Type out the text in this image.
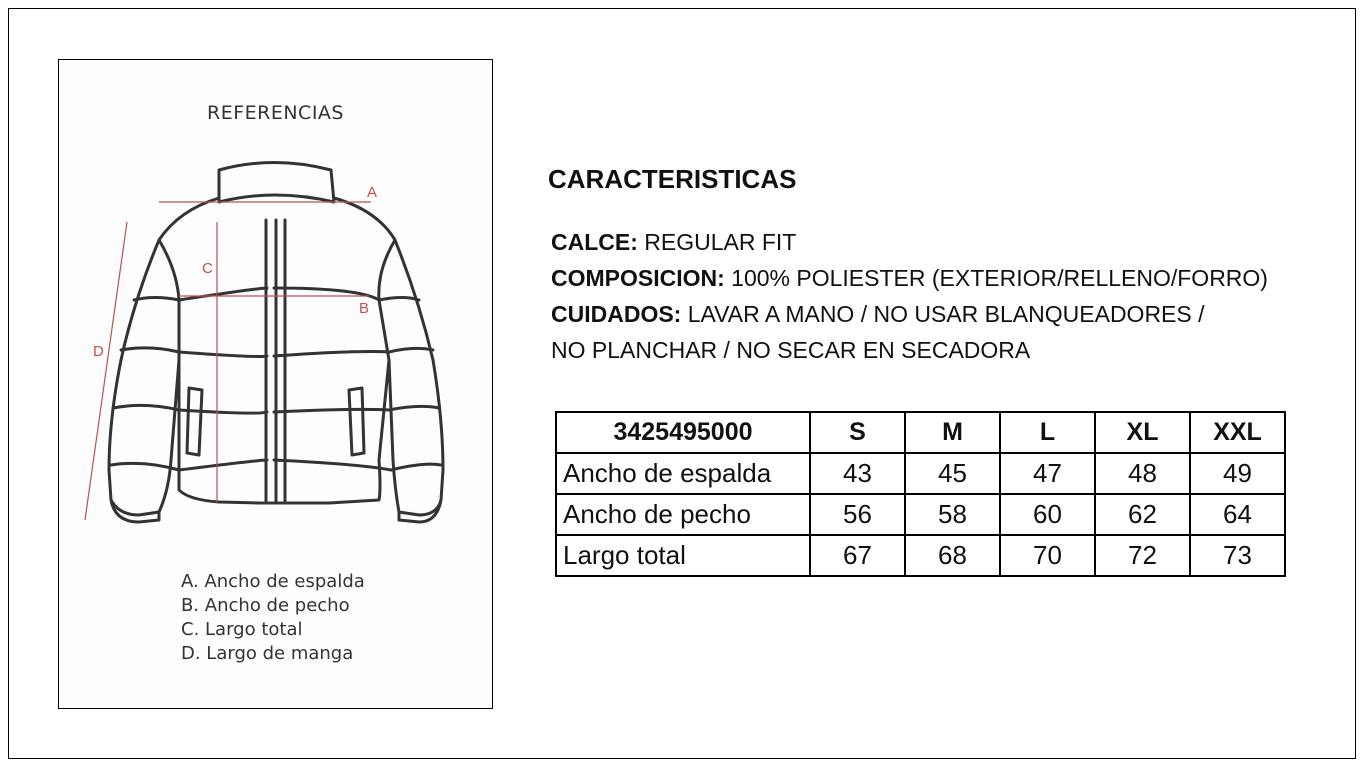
REFERENCIAS
A
B
C
D
A. Ancho de espalda
B. Ancho de pecho
C. Largo total
D. Largo de manga
CARACTERISTICAS
CALCE: REGULAR FIT
COMPOSICION: 100% POLIESTER (EXTERIOR/RELLENO/FORRO)
CUIDADOS: LAVAR A MANO / NO USAR BLANQUEADORES /
NO PLANCHAR / NO SECAR EN SECADORA
3425495000	S	M	L	XL	XXL
Ancho de espalda	43	45	47	48	49
Ancho de pecho	56	58	60	62	64
Largo total	67	68	70	72	73
